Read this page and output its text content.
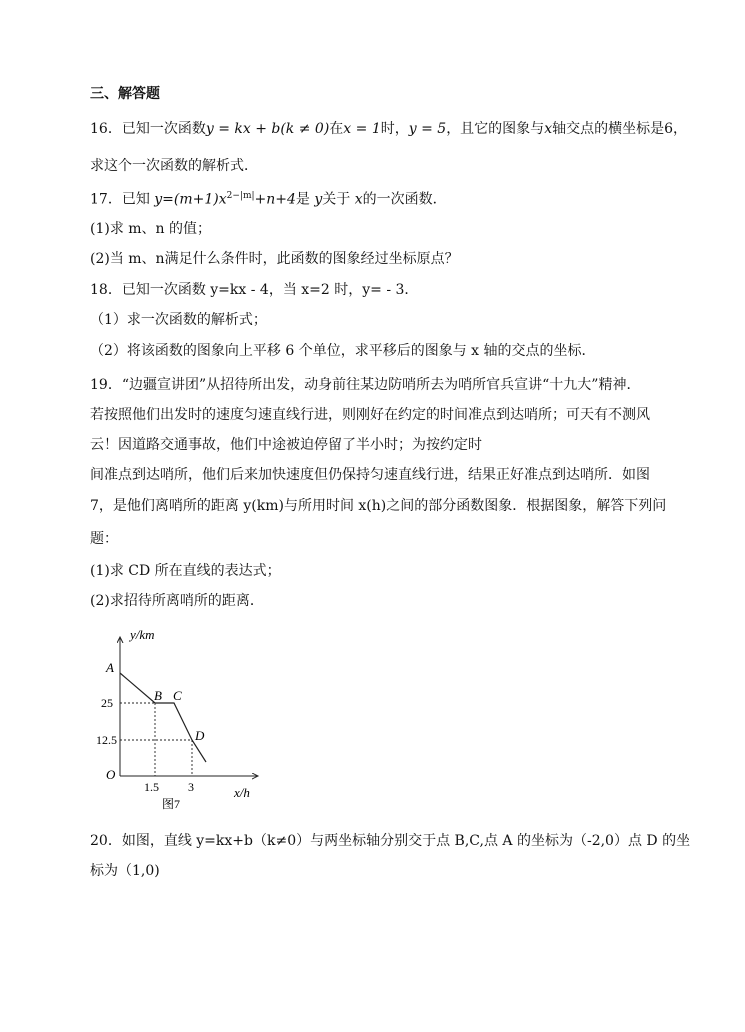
三、解答题
16．已知一次函数y = kx + b(k ≠ 0)在x = 1时，y = 5，且它的图象与x轴交点的横坐标是6，
求这个一次函数的解析式．
17．已知 $y=(m+1)x^{2-|m|}+n+4$是 y关于 x的一次函数．
(1)求 m、n 的值；
(2)当 m、n满足什么条件时，此函数的图象经过坐标原点？
18．已知一次函数 y=kx - 4，当 x=2 时，y= - 3．
（1）求一次函数的解析式；
（2）将该函数的图象向上平移 6 个单位，求平移后的图象与 x 轴的交点的坐标．
19．“边疆宣讲团”从招待所出发，动身前往某边防哨所去为哨所官兵宣讲“十九大”精神．
若按照他们出发时的速度匀速直线行进，则刚好在约定的时间准点到达哨所；可天有不测风
云！因道路交通事故，他们中途被迫停留了半小时；为按约定时
间准点到达哨所，他们后来加快速度但仍保持匀速直线行进，结果正好准点到达哨所．如图
7，是他们离哨所的距离 y(km)与所用时间 x(h)之间的部分函数图象．根据图象，解答下列问
题：
(1)求 CD 所在直线的表达式；
(2)求招待所离哨所的距离．
y/km
A
B C
D
25
12.5
O
1.5 3	x/h
图7
20．如图，直线 y=kx+b（k≠0）与两坐标轴分别交于点 B,C,点 A 的坐标为（-2,0）点 D 的坐
标为（1,0)
